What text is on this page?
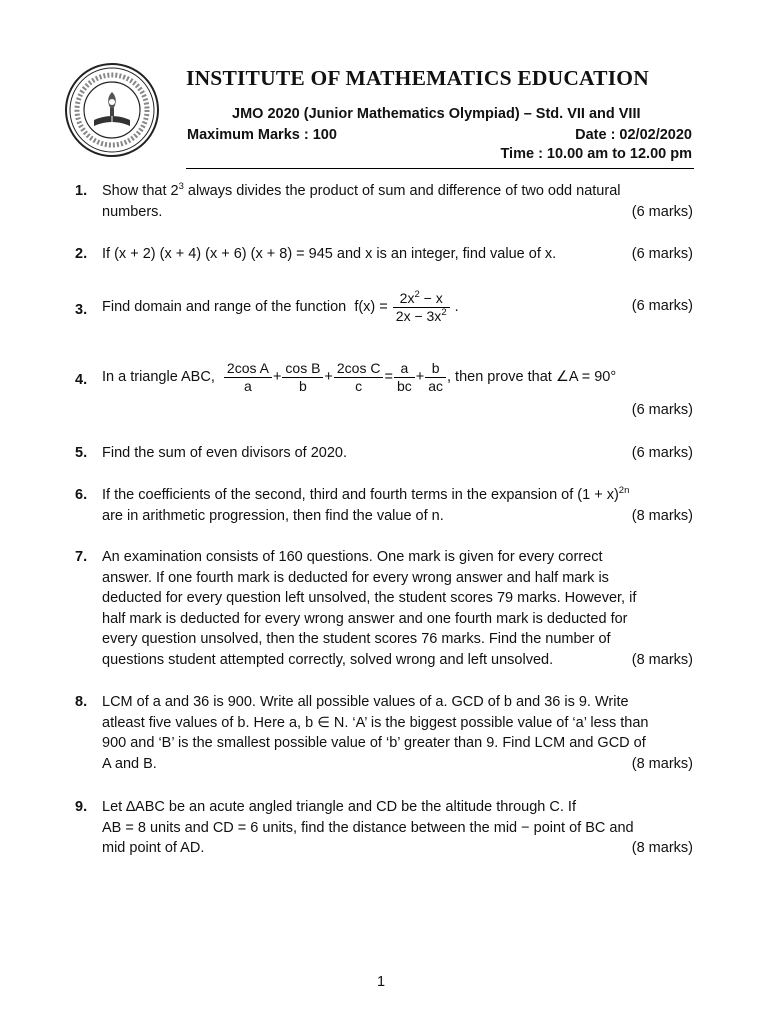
INSTITUTE OF MATHEMATICS EDUCATION
JMO 2020 (Junior Mathematics Olympiad) – Std. VII and VIII
Maximum Marks : 100	Date : 02/02/2020
Time : 10.00 am to 12.00 pm
1. Show that $2^3$ always divides the product of sum and difference of two odd natural
numbers.	(6 marks)
2. If (x + 2) (x + 4) (x + 6) (x + 8) = 945 and x is an integer, find value of x.	(6 marks)
3. Find domain and range of the function
f(x) =
$\frac{2x^2 - x}{2x - 3x^2}$
.	(6 marks)
4. In a triangle ABC,
$\frac{\text{2cos A}}{a} + \frac{\text{cos B}}{b} + \frac{\text{2cos C}}{c} = \frac{a}{bc} + \frac{b}{ac}$ , then prove that ∠A = 90°
(6 marks)
5. Find the sum of even divisors of 2020.	(6 marks)
6. If the coefficients of the second, third and fourth terms in the expansion of $(1 + x)^{2n}$
are in arithmetic progression, then find the value of n.	(8 marks)
7. An examination consists of 160 questions. One mark is given for every correct
answer. If one fourth mark is deducted for every wrong answer and half mark is
deducted for every question left unsolved, the student scores 79 marks. However, if
half mark is deducted for every wrong answer and one fourth mark is deducted for
every question unsolved, then the student scores 76 marks. Find the number of
questions student attempted correctly, solved wrong and left unsolved.	(8 marks)
8. LCM of a and 36 is 900. Write all possible values of a. GCD of b and 36 is 9. Write
atleast five values of b. Here a, b ∈ N. ‘A’ is the biggest possible value of ‘a’ less than
900 and ‘B’ is the smallest possible value of ‘b’ greater than 9. Find LCM and GCD of
A and B.	(8 marks)
9. Let ∆ABC be an acute angled triangle and CD be the altitude through C. If
AB = 8 units and CD = 6 units, find the distance between the mid − point of BC and
mid point of AD.	(8 marks)
1
